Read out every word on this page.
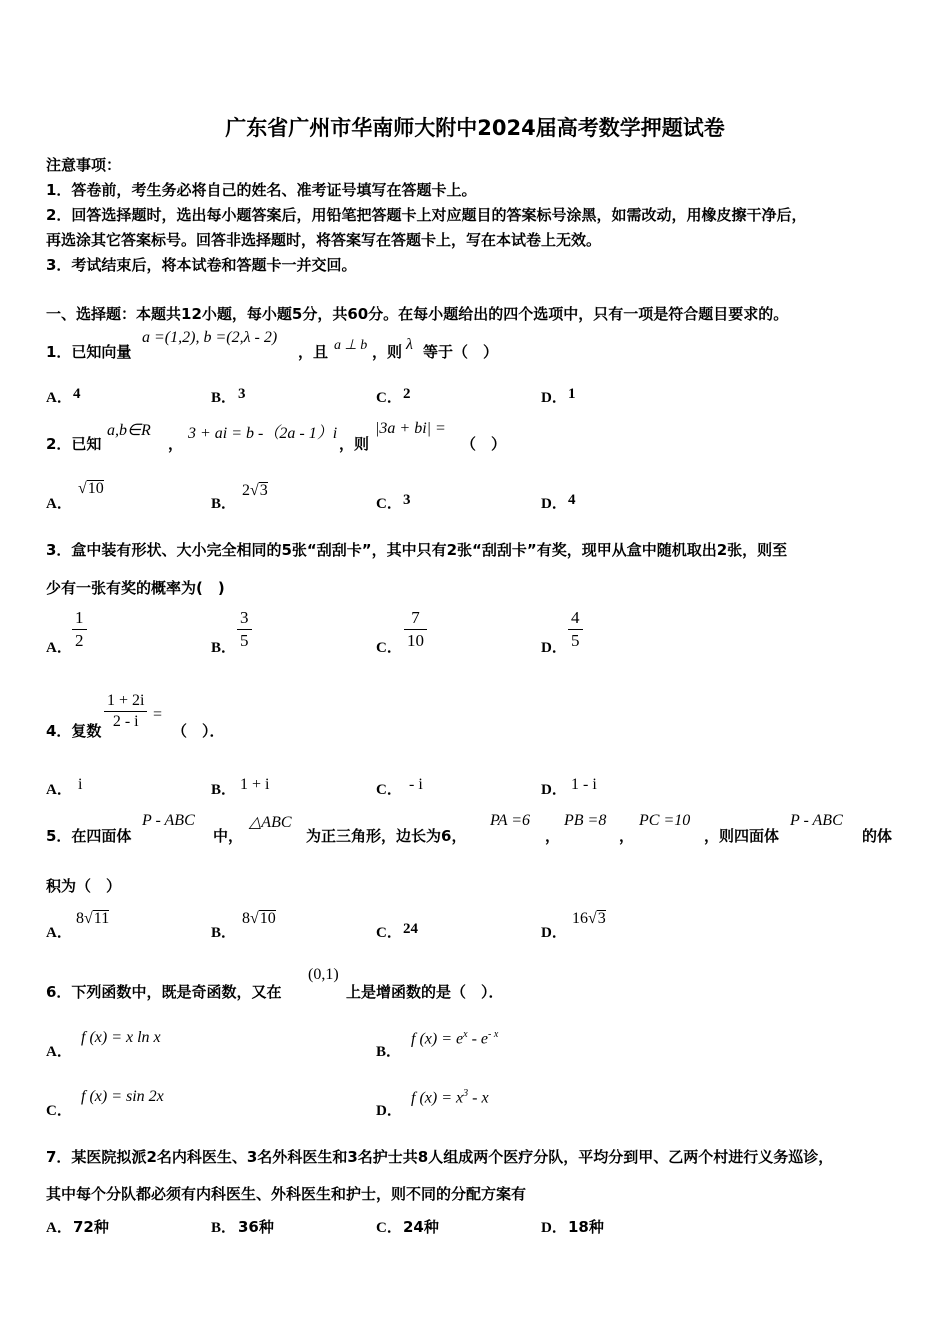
广东省广州市华南师大附中2024届高考数学押题试卷
注意事项：
1．答卷前，考生务必将自己的姓名、准考证号填写在答题卡上。
2．回答选择题时，选出每小题答案后，用铅笔把答题卡上对应题目的答案标号涂黑，如需改动，用橡皮擦干净后，
再选涂其它答案标号。回答非选择题时，将答案写在答题卡上，写在本试卷上无效。
3．考试结束后，将本试卷和答题卡一并交回。
一、选择题：本题共12小题，每小题5分，共60分。在每小题给出的四个选项中，只有一项是符合题目要求的。
1．已知向量
a =(1,2), b =(2,λ - 2)
，且 a ⊥ b ，则 λ 等于（　）
A． 4	B． 3	C． 2	D． 1
2．已知
a,b∈R
，
3 + ai = b -（2a - 1）i
，则
|3a + bi| =
（　）
A．
√10
B．
2√3
C． 3	D． 4
3．盒中装有形状、大小完全相同的5张“刮刮卡”，其中只有2张“刮刮卡”有奖，现甲从盒中随机取出2张，则至
少有一张有奖的概率为(　)
A．
1
2	B．
3
5	C．
7
10	D．
4
5
4．复数
1 + 2i
2 - i =
（　）．
A． i	B． 1 + i	C． - i	D． 1 - i
5．在四面体
P - ABC
中，
△ABC
为正三角形，边长为6，
PA =6
，
PB =8
，
PC =10
，则四面体
P - ABC
的体
积为（　）
A．
8√11
B．
8√10
C． 24	D．
16√3
6．下列函数中，既是奇函数，又在
(0,1)
上是增函数的是（　）．
A．
f (x) = x ln x
B．
f $(x) = e^x - e^{- x}$
C．
f (x) = sin 2x
D．
f $(x) = x^3 - x$
7．某医院拟派2名内科医生、3名外科医生和3名护士共8人组成两个医疗分队，平均分到甲、乙两个村进行义务巡诊，
其中每个分队都必须有内科医生、外科医生和护士，则不同的分配方案有
A． 72种	B． 36种	C． 24种	D． 18种
